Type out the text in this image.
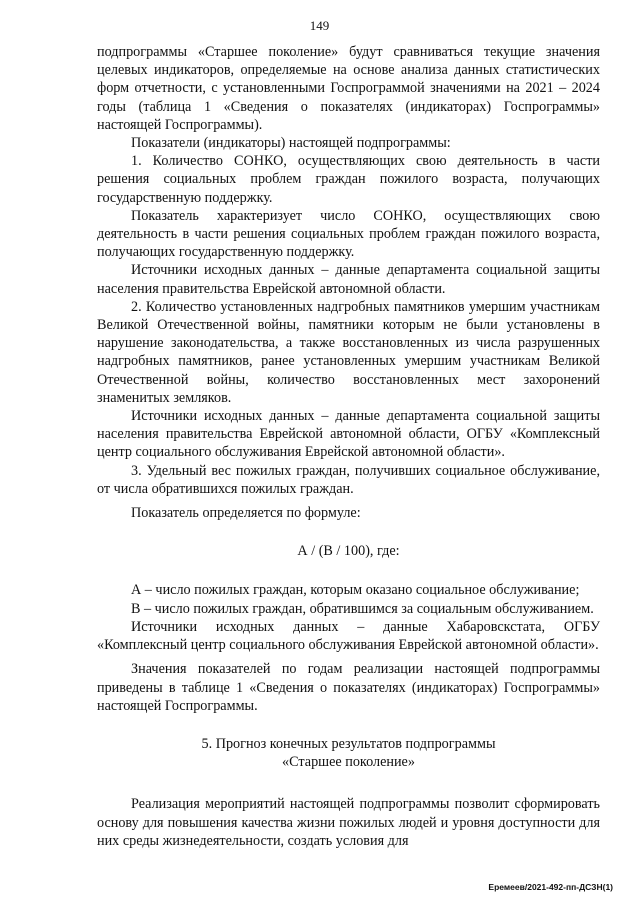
149

подпрограммы «Старшее поколение» будут сравниваться текущие значения целевых индикаторов, определяемые на основе анализа данных статистических форм отчетности, с установленными Госпрограммой значениями на 2021 – 2024 годы (таблица 1 «Сведения о показателях (индикаторах) Госпрограммы» настоящей Госпрограммы).

Показатели (индикаторы) настоящей подпрограммы:

1. Количество СОНКО, осуществляющих свою деятельность в части решения социальных проблем граждан пожилого возраста, получающих государственную поддержку.

Показатель характеризует число СОНКО, осуществляющих свою деятельность в части решения социальных проблем граждан пожилого возраста, получающих государственную поддержку.

Источники исходных данных – данные департамента социальной защиты населения правительства Еврейской автономной области.

2. Количество установленных надгробных памятников умершим участникам Великой Отечественной войны, памятники которым не были установлены в нарушение законодательства, а также восстановленных из числа разрушенных надгробных памятников, ранее установленных умершим участникам Великой Отечественной войны, количество восстановленных мест захоронений знаменитых земляков.

Источники исходных данных – данные департамента социальной защиты населения правительства Еврейской автономной области, ОГБУ «Комплексный центр социального обслуживания Еврейской автономной области».

3. Удельный вес пожилых граждан, получивших социальное обслуживание, от числа обратившихся пожилых граждан.

Показатель определяется по формуле:

А / (В / 100), где:

А – число пожилых граждан, которым оказано социальное обслуживание;

В – число пожилых граждан, обратившимся за социальным обслуживанием.

Источники исходных данных – данные Хабаровскстата, ОГБУ «Комплексный центр социального обслуживания Еврейской автономной области».

Значения показателей по годам реализации настоящей подпрограммы приведены в таблице 1 «Сведения о показателях (индикаторах) Госпрограммы» настоящей Госпрограммы.

5. Прогноз конечных результатов подпрограммы

«Старшее поколение»

Реализация мероприятий настоящей подпрограммы позволит сформировать основу для повышения качества жизни пожилых людей и уровня доступности для них среды жизнедеятельности, создать условия для

Еремеев/2021-492-пп-ДСЗН(1)
